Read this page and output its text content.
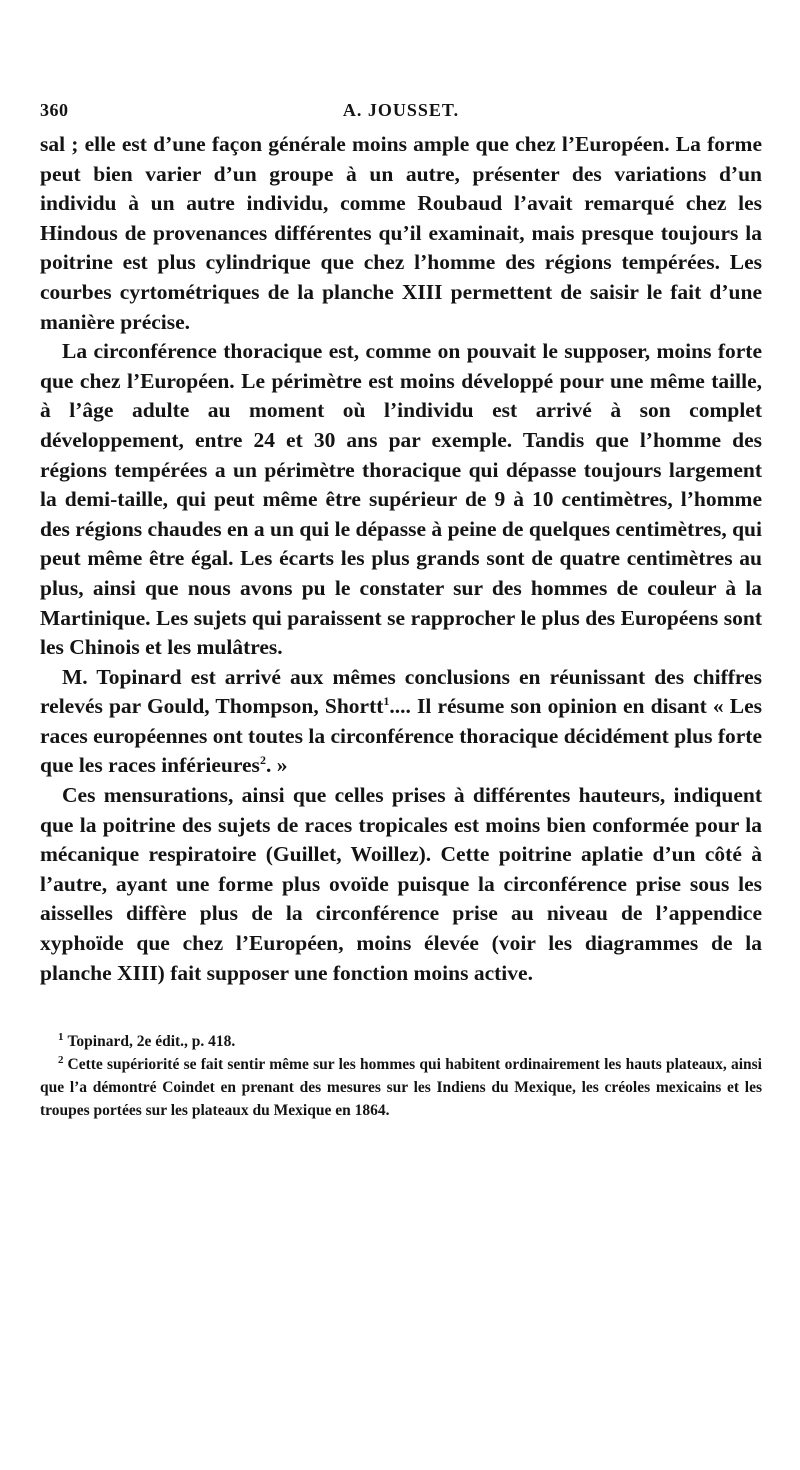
360	A. JOUSSET.

sal ; elle est d’une façon générale moins ample que chez l’Européen. La forme peut bien varier d’un groupe à un autre, présenter des variations d’un individu à un autre individu, comme Roubaud l’avait remarqué chez les Hindous de provenances différentes qu’il examinait, mais presque toujours la poitrine est plus cylindrique que chez l’homme des régions tempérées. Les courbes cyrtométriques de la planche XIII permettent de saisir le fait d’une manière précise.

La circonférence thoracique est, comme on pouvait le supposer, moins forte que chez l’Européen. Le périmètre est moins développé pour une même taille, à l’âge adulte au moment où l’individu est arrivé à son complet développement, entre 24 et 30 ans par exemple. Tandis que l’homme des régions tempérées a un périmètre thoracique qui dépasse toujours largement la demi-taille, qui peut même être supérieur de 9 à 10 centimètres, l’homme des régions chaudes en a un qui le dépasse à peine de quelques centimètres, qui peut même être égal. Les écarts les plus grands sont de quatre centimètres au plus, ainsi que nous avons pu le constater sur des hommes de couleur à la Martinique. Les sujets qui paraissent se rapprocher le plus des Européens sont les Chinois et les mulâtres.

M. Topinard est arrivé aux mêmes conclusions en réunissant des chiffres relevés par Gould, Thompson, Shortt$^1$.... Il résume son opinion en disant « Les races européennes ont toutes la circonférence thoracique décidément plus forte que les races inférieures$^2$. »

Ces mensurations, ainsi que celles prises à différentes hauteurs, indiquent que la poitrine des sujets de races tropicales est moins bien conformée pour la mécanique respiratoire (Guillet, Woillez). Cette poitrine aplatie d’un côté à l’autre, ayant une forme plus ovoïde puisque la circonférence prise sous les aisselles diffère plus de la circonférence prise au niveau de l’appendice xyphoïde que chez l’Européen, moins élevée (voir les diagrammes de la planche XIII) fait supposer une fonction moins active.

$^1$ Topinard, 2e édit., p. 418.

$^2$ Cette supériorité se fait sentir même sur les hommes qui habitent ordinairement les hauts plateaux, ainsi que l’a démontré Coindet en prenant des mesures sur les Indiens du Mexique, les créoles mexicains et les troupes portées sur les plateaux du Mexique en 1864.
